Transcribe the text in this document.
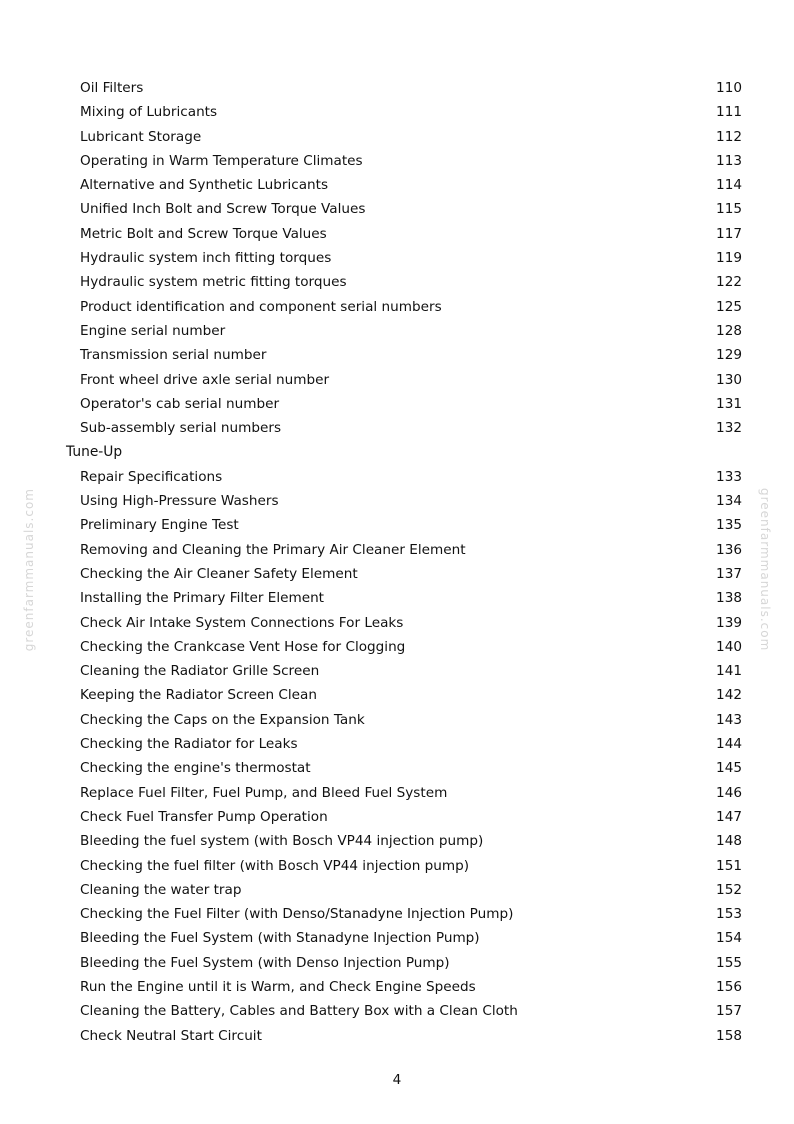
greenfarmmanuals.com	greenfarmmanuals.com
Oil Filters	110
Mixing of Lubricants	111
Lubricant Storage	112
Operating in Warm Temperature Climates	113
Alternative and Synthetic Lubricants	114
Unified Inch Bolt and Screw Torque Values	115
Metric Bolt and Screw Torque Values	117
Hydraulic system inch fitting torques	119
Hydraulic system metric fitting torques	122
Product identification and component serial numbers	125
Engine serial number	128
Transmission serial number	129
Front wheel drive axle serial number	130
Operator's cab serial number	131
Sub-assembly serial numbers	132
Tune-Up
Repair Specifications	133
Using High-Pressure Washers	134
Preliminary Engine Test	135
Removing and Cleaning the Primary Air Cleaner Element	136
Checking the Air Cleaner Safety Element	137
Installing the Primary Filter Element	138
Check Air Intake System Connections For Leaks	139
Checking the Crankcase Vent Hose for Clogging	140
Cleaning the Radiator Grille Screen	141
Keeping the Radiator Screen Clean	142
Checking the Caps on the Expansion Tank	143
Checking the Radiator for Leaks	144
Checking the engine's thermostat	145
Replace Fuel Filter, Fuel Pump, and Bleed Fuel System	146
Check Fuel Transfer Pump Operation	147
Bleeding the fuel system (with Bosch VP44 injection pump)	148
Checking the fuel filter (with Bosch VP44 injection pump)	151
Cleaning the water trap	152
Checking the Fuel Filter (with Denso/Stanadyne Injection Pump)	153
Bleeding the Fuel System (with Stanadyne Injection Pump)	154
Bleeding the Fuel System (with Denso Injection Pump)	155
Run the Engine until it is Warm, and Check Engine Speeds	156
Cleaning the Battery, Cables and Battery Box with a Clean Cloth	157
Check Neutral Start Circuit	158
4
